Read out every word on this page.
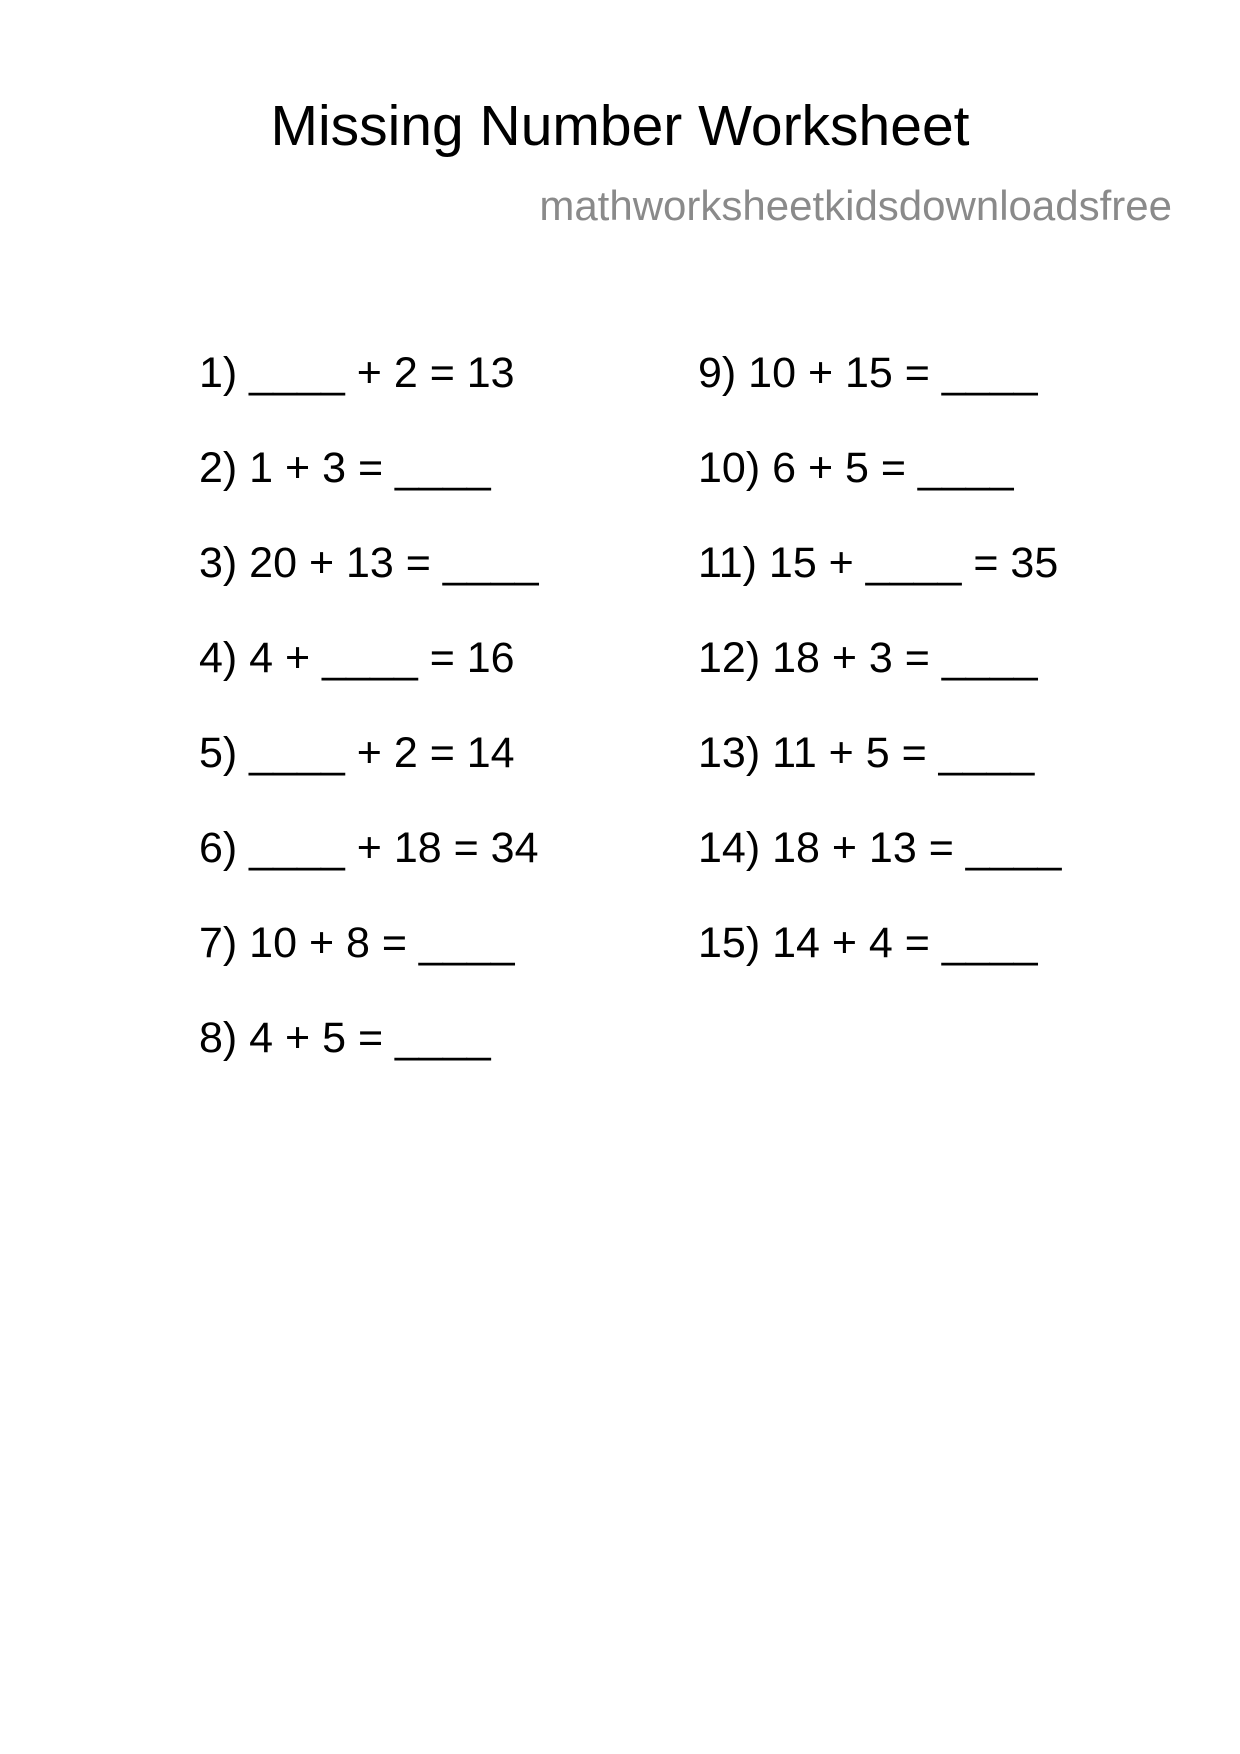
Missing Number Worksheet
mathworksheetkidsdownloadsfree
1) ____ + 2 = 13
2) 1 + 3 = ____
3) 20 + 13 = ____
4) 4 + ____ = 16
5) ____ + 2 = 14
6) ____ + 18 = 34
7) 10 + 8 = ____
8) 4 + 5 = ____
9) 10 + 15 = ____
10) 6 + 5 = ____
11) 15 + ____ = 35
12) 18 + 3 = ____
13) 11 + 5 = ____
14) 18 + 13 = ____
15) 14 + 4 = ____
